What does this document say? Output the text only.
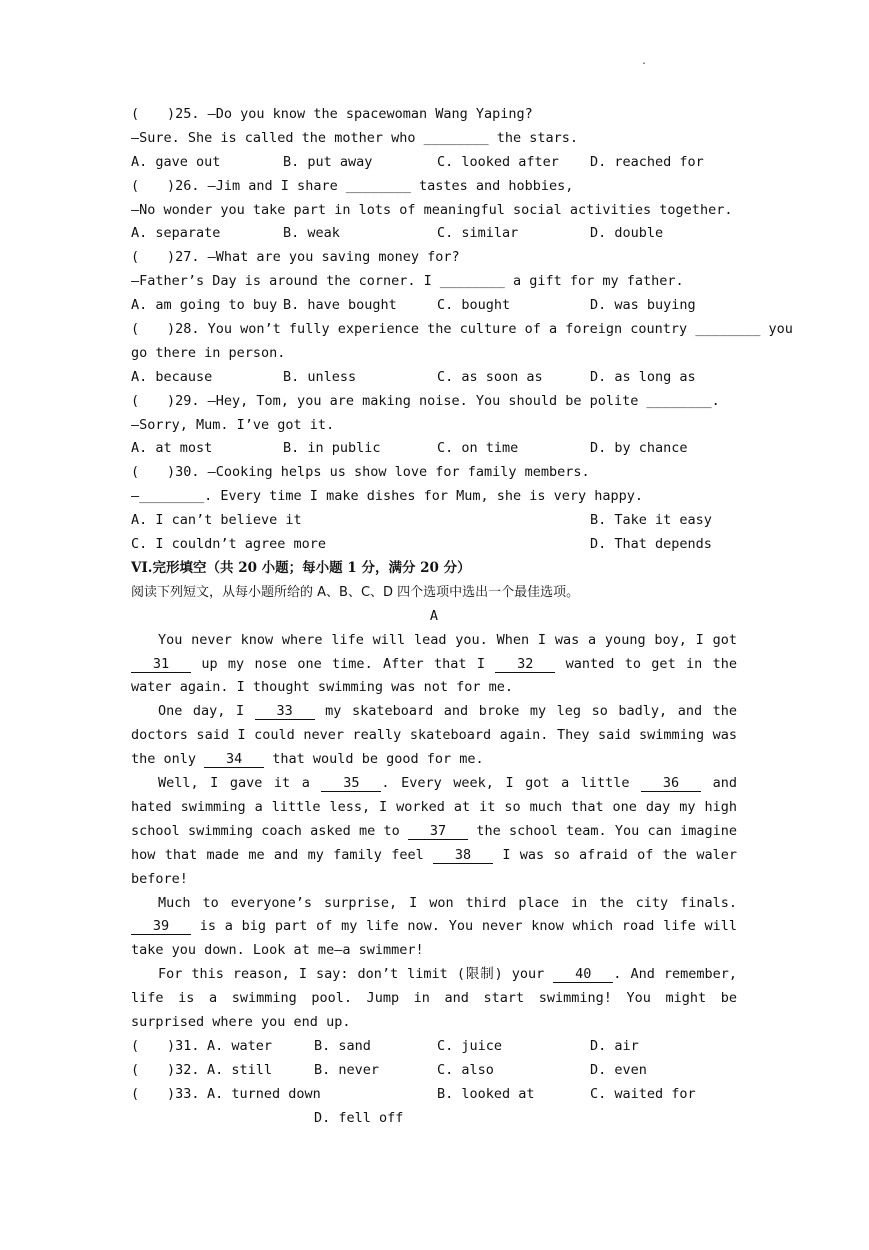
.
( )25. —Do you know the spacewoman Wang Yaping?
—Sure. She is called the mother who ________ the stars.

A. gave out

	B. put away

	C. looked after

D. reached for

( )26. —Jim and I share ________ tastes and hobbies,
—No wonder you take part in lots of meaningful social activities together.

A. separate

	B. weak

	C. similar

	D. double

( )27. —What are you saving money for?
—Father’s Day is around the corner. I ________ a gift for my father.

A. am going to buy

B. have bought

	C. bought

	D. was buying

( )28. You won’t fully experience the culture of a foreign country ________ you
go there in person.

A. because

	B. unless

	C. as soon as

	D. as long as

( )29. —Hey, Tom, you are making noise. You should be polite ________.
—Sorry, Mum. I’ve got it.

A. at most

	B. in public

	C. on time

	D. by chance

( )30. —Cooking helps us show love for family members.
—________. Every time I make dishes for Mum, she is very happy.

A. I can’t believe it

	B. Take it easy

C. I couldn’t agree more

	D. That depends

VI.完形填空（共 20 小题；每小题 1 分，满分 20 分）
阅读下列短文，从每小题所给的 A、B、C、D 四个选项中选出一个最佳选项。
A

You never know where life will lead you. When I was a young boy, I got 31 up my nose one time. After that I 32 wanted to get in the water again. I thought swimming was not for me.

One day, I 33 my skateboard and broke my leg so badly, and the doctors said I could never really skateboard again. They said swimming was the only 34 that would be good for me.

Well, I gave it a 35 . Every week, I got a little 36 and hated swimming a little less, I worked at it so much that one day my high school swimming coach asked me to 37 the school team. You can imagine how that made me and my family feel 38 I was so afraid of the waler before!

Much to everyone’s surprise, I won third place in the city finals. 39 is a big part of my life now. You never know which road life will take you down. Look at me—a swimmer!

For this reason, I say: don’t limit (限制) your 40 . And remember, life is a swimming pool. Jump in and start swimming! You might be surprised where you end up.

(

)31.

A. water

	B. sand

	C. juice

	D. air

(

)32.

A. still

	B. never

	C. also

	D. even

(

)33.

A. turned down

	B. looked at

	C. waited for

D. fell off
